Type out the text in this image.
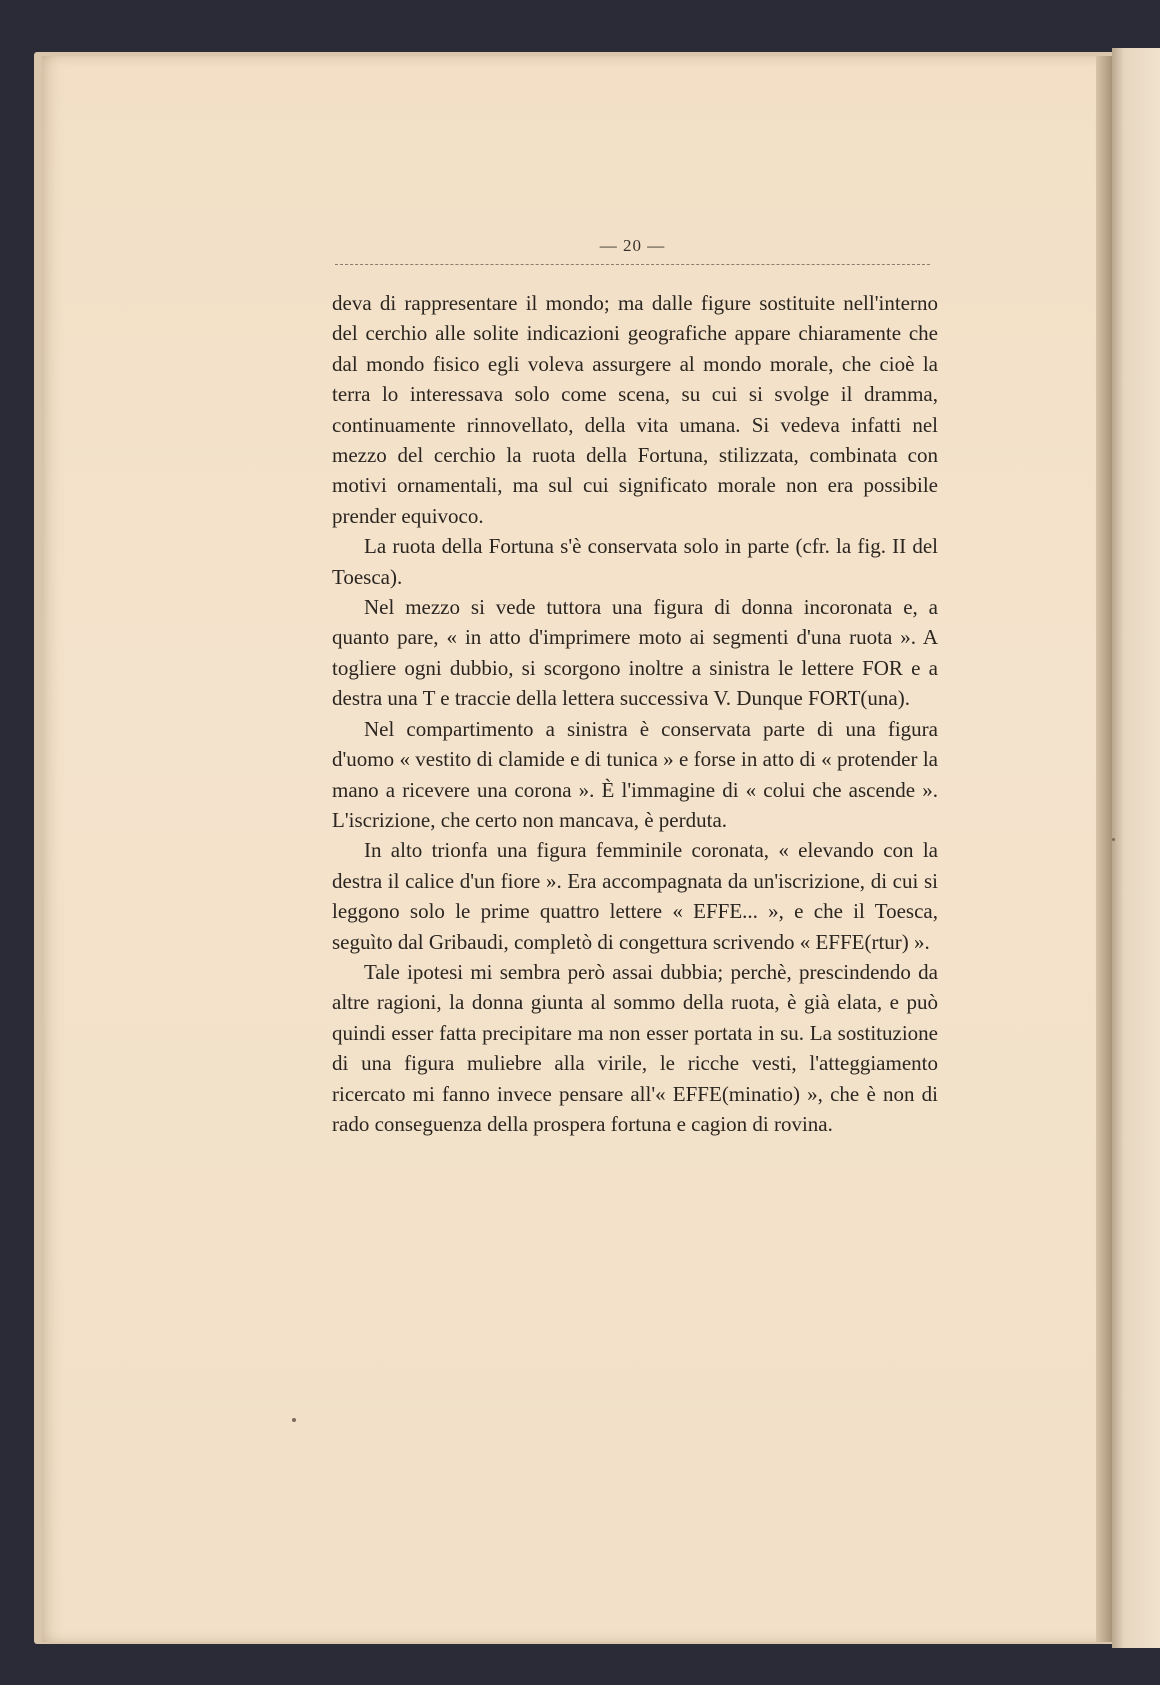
— 20 —

deva di rappresentare il mondo; ma dalle figure sostituite nell'interno del cerchio alle solite indicazioni geografiche appare chiaramente che dal mondo fisico egli voleva assurgere al mondo morale, che cioè la terra lo interessava solo come scena, su cui si svolge il dramma, continuamente rinnovellato, della vita umana. Si vedeva infatti nel mezzo del cerchio la ruota della Fortuna, stilizzata, combinata con motivi ornamentali, ma sul cui significato morale non era possibile prender equivoco.

La ruota della Fortuna s'è conservata solo in parte (cfr. la fig. II del Toesca).

Nel mezzo si vede tuttora una figura di donna incoronata e, a quanto pare, « in atto d'imprimere moto ai segmenti d'una ruota ». A togliere ogni dubbio, si scorgono inoltre a sinistra le lettere FOR e a destra una T e traccie della lettera successiva V. Dunque FORT(una).

Nel compartimento a sinistra è conservata parte di una figura d'uomo « vestito di clamide e di tunica » e forse in atto di « protender la mano a ricevere una corona ». È l'immagine di « colui che ascende ». L'iscrizione, che certo non mancava, è perduta.

In alto trionfa una figura femminile coronata, « elevando con la destra il calice d'un fiore ». Era accompagnata da un'iscrizione, di cui si leggono solo le prime quattro lettere « EFFE... », e che il Toesca, seguìto dal Gribaudi, completò di congettura scrivendo « EFFE(rtur) ».

Tale ipotesi mi sembra però assai dubbia; perchè, prescindendo da altre ragioni, la donna giunta al sommo della ruota, è già elata, e può quindi esser fatta precipitare ma non esser portata in su. La sostituzione di una figura muliebre alla virile, le ricche vesti, l'atteggiamento ricercato mi fanno invece pensare all'« EFFE(minatio) », che è non di rado conseguenza della prospera fortuna e cagion di rovina.
